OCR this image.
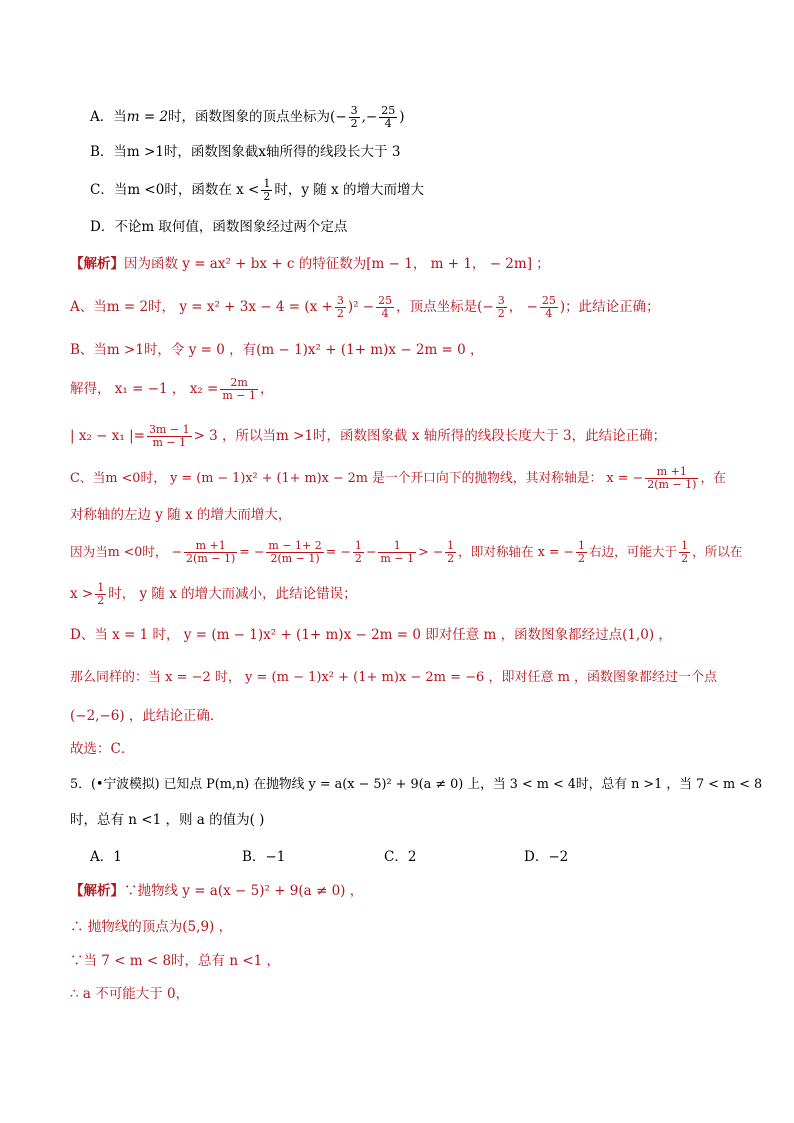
A．当m = 2时，函数图象的顶点坐标为(− $\frac{3}{2}$ ,− $\frac{25}{4}$ )
B．当m >1时，函数图象截x轴所得的线段长大于 3
C．当m <0时，函数在 $x < \frac{1}{2}$ 时，y 随 x 的增大而增大
D．不论m 取何值，函数图象经过两个定点
【解析】因为函数 y = ax² + bx + c 的特征数为[m − 1， m + 1， − 2m] ；
A、当m = 2时， $y = x^2 + 3x - 4 = (x + \frac{3}{2} )^2 - \frac{25}{4}$ ，顶点坐标是(− $\frac{3}{2}$ ， − $\frac{25}{4}$ )；此结论正确；
B、当m >1时，令 y = 0 ，有(m − 1)x² + (1+ m)x − 2m = 0 ，
解得， x₁ = −1 ， $x_2 = \frac{2m}{m - 1}$ ，
| x₂ − x₁ |= $\frac{3m - 1}{m - 1} > 3$ ，所以当m >1时，函数图象截 x 轴所得的线段长度大于 3，此结论正确；
C、当m <0时， y = (m − 1)x² + (1+ m)x − 2m 是一个开口向下的抛物线，其对称轴是： x = − $\frac{m +1}{2(m - 1)}$ ，在
对称轴的左边 y 随 x 的增大而增大，
因为当m <0时， − $\frac{m +1}{2(m - 1)}$ = − $\frac{m - 1+ 2}{2(m - 1)}$ = − $\frac{1}{2} - \frac{1}{m - 1}$ > − $\frac{1}{2}$ ，即对称轴在 x = − $\frac{1}{2}$ 右边，可能大于 $\frac{1}{2}$ ，所以在
$x > \frac{1}{2}$ 时， y 随 x 的增大而减小，此结论错误；
D、当 x = 1 时， y = (m − 1)x² + (1+ m)x − 2m = 0 即对任意 m ，函数图象都经过点(1,0) ，
那么同样的：当 x = −2 时， y = (m − 1)x² + (1+ m)x − 2m = −6 ，即对任意 m ，函数图象都经过一个点
(−2,−6) ，此结论正确．
故选：C．
5．(•宁波模拟) 已知点 P(m,n) 在抛物线 y = a(x − 5)² + 9(a ≠ 0) 上，当 3 < m < 4时，总有 n >1 ，当 7 < m < 8
时，总有 n <1 ，则 a 的值为( )
A．1	B．−1	C．2	D．−2
【解析】∵抛物线 y = a(x − 5)² + 9(a ≠ 0) ，
∴ 抛物线的顶点为(5,9) ，
∵当 7 < m < 8时，总有 n <1 ，
∴ a 不可能大于 0，
